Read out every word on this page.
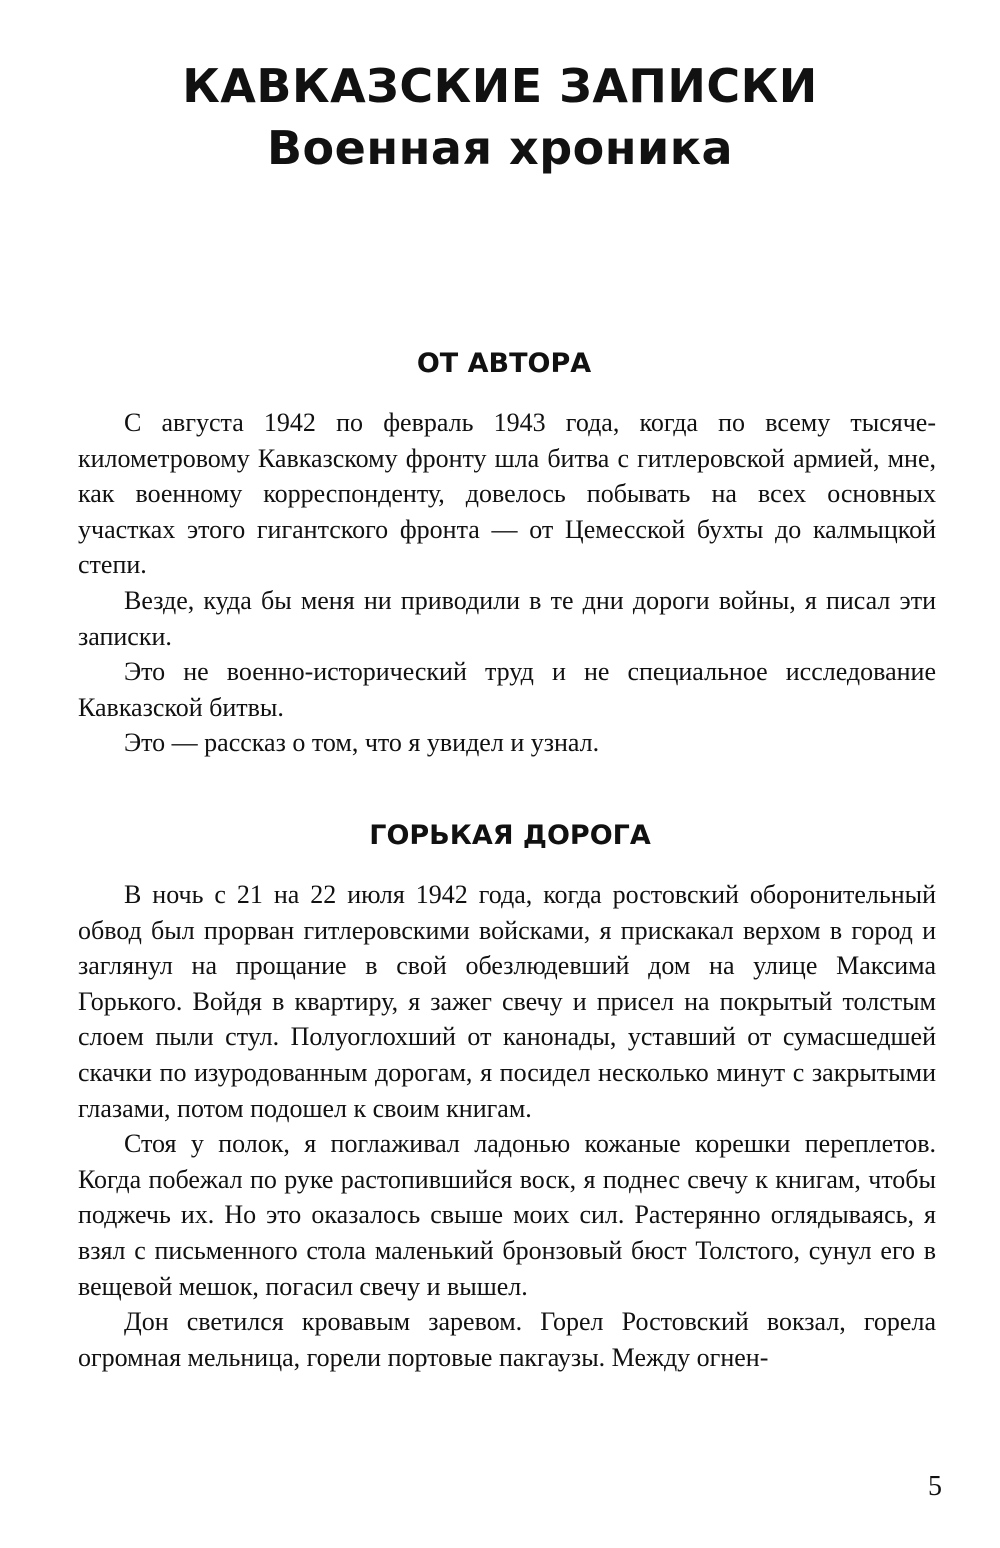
КАВКАЗСКИЕ ЗАПИСКИ
Военная хроника
ОТ АВТОРА

С августа 1942 по февраль 1943 года, когда по всему тысячекилометровому Кавказскому фронту шла битва с гитлеровской армией, мне, как военному корреспонденту, довелось побывать на всех основных участках этого гигантского фронта — от Цемесской бухты до калмыцкой степи.

Везде, куда бы меня ни приводили в те дни дороги войны, я писал эти записки.

Это не военно-исторический труд и не специальное исследование Кавказской битвы.

Это — рассказ о том, что я увидел и узнал.

ГОРЬКАЯ ДОРОГА

В ночь с 21 на 22 июля 1942 года, когда ростовский оборонительный обвод был прорван гитлеровскими войсками, я прискакал верхом в город и заглянул на прощание в свой обезлюдевший дом на улице Максима Горького. Войдя в квартиру, я зажег свечу и присел на покрытый толстым слоем пыли стул. Полуоглохший от канонады, уставший от сумасшедшей скачки по изуродованным дорогам, я посидел несколько минут с закрытыми глазами, потом подошел к своим книгам.

Стоя у полок, я поглаживал ладонью кожаные корешки переплетов. Когда побежал по руке растопившийся воск, я поднес свечу к книгам, чтобы поджечь их. Но это оказалось свыше моих сил. Растерянно оглядываясь, я взял с письменного стола маленький бронзовый бюст Толстого, сунул его в вещевой мешок, погасил свечу и вышел.

Дон светился кровавым заревом. Горел Ростовский вокзал, горела огромная мельница, горели портовые пакгаузы. Между огнен-

5
